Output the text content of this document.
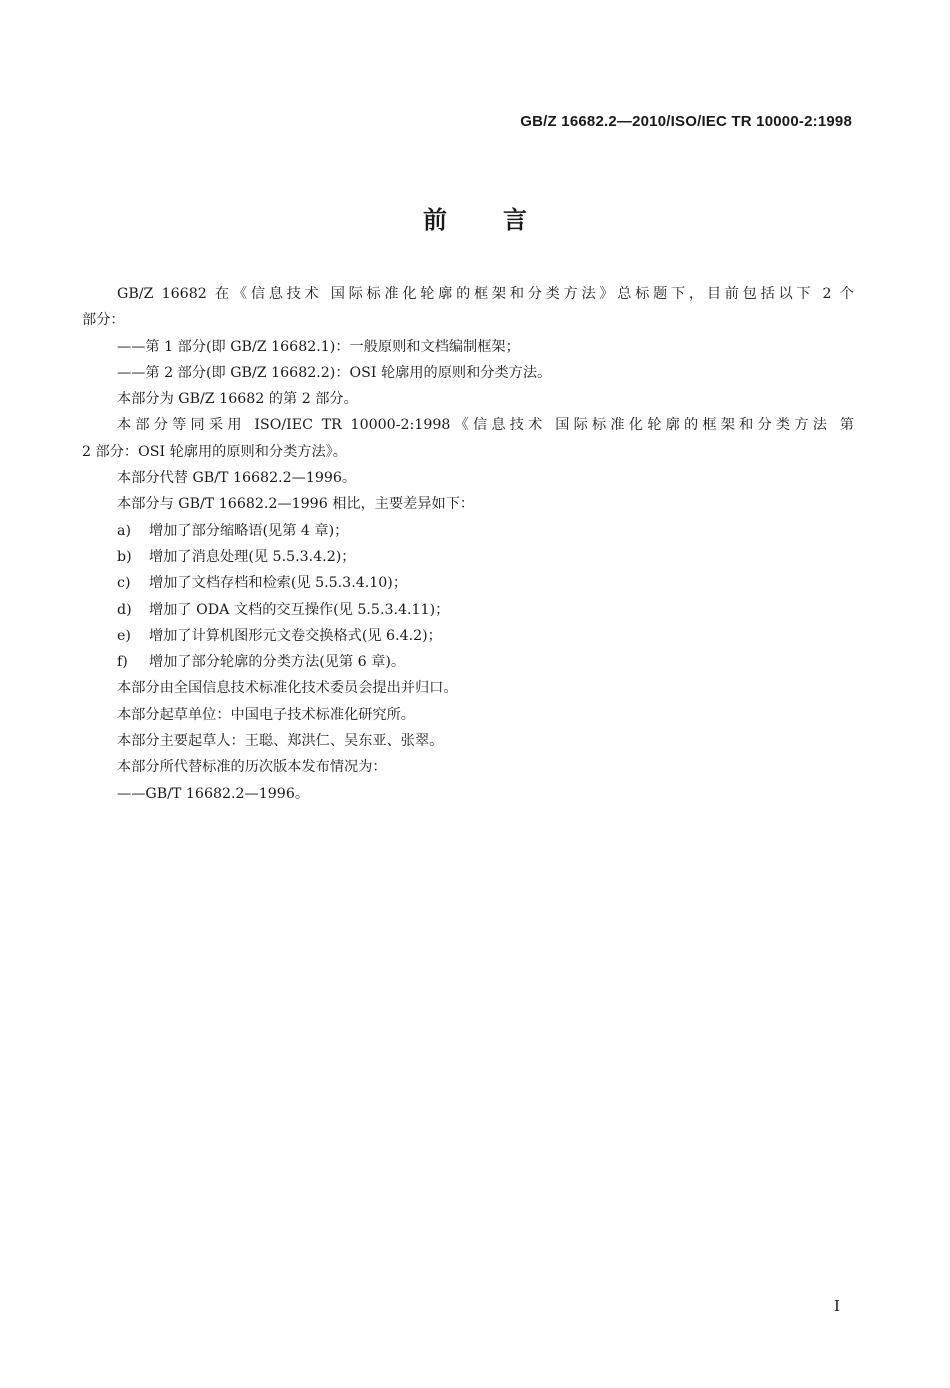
GB/Z 16682.2—2010/ISO/IEC TR 10000-2:1998
前言

GB/Z 16682 在《信息技术 国际标准化轮廓的框架和分类方法》总标题下，目前包括以下 2 个

部分：

——第 1 部分(即 GB/Z 16682.1)：一般原则和文档编制框架；

——第 2 部分(即 GB/Z 16682.2)：OSI 轮廓用的原则和分类方法。

本部分为 GB/Z 16682 的第 2 部分。

本部分等同采用 ISO/IEC TR 10000-2:1998《信息技术 国际标准化轮廓的框架和分类方法 第

2 部分：OSI 轮廓用的原则和分类方法》。

本部分代替 GB/T 16682.2—1996。

本部分与 GB/T 16682.2—1996 相比，主要差异如下：

a) 增加了部分缩略语(见第 4 章)；

b) 增加了消息处理(见 5.5.3.4.2)；

c) 增加了文档存档和检索(见 5.5.3.4.10)；

d) 增加了 ODA 文档的交互操作(见 5.5.3.4.11)；

e) 增加了计算机图形元文卷交换格式(见 6.4.2)；

f) 增加了部分轮廓的分类方法(见第 6 章)。

本部分由全国信息技术标准化技术委员会提出并归口。

本部分起草单位：中国电子技术标准化研究所。

本部分主要起草人：王聪、郑洪仁、吴东亚、张翠。

本部分所代替标准的历次版本发布情况为：

——GB/T 16682.2—1996。

I
